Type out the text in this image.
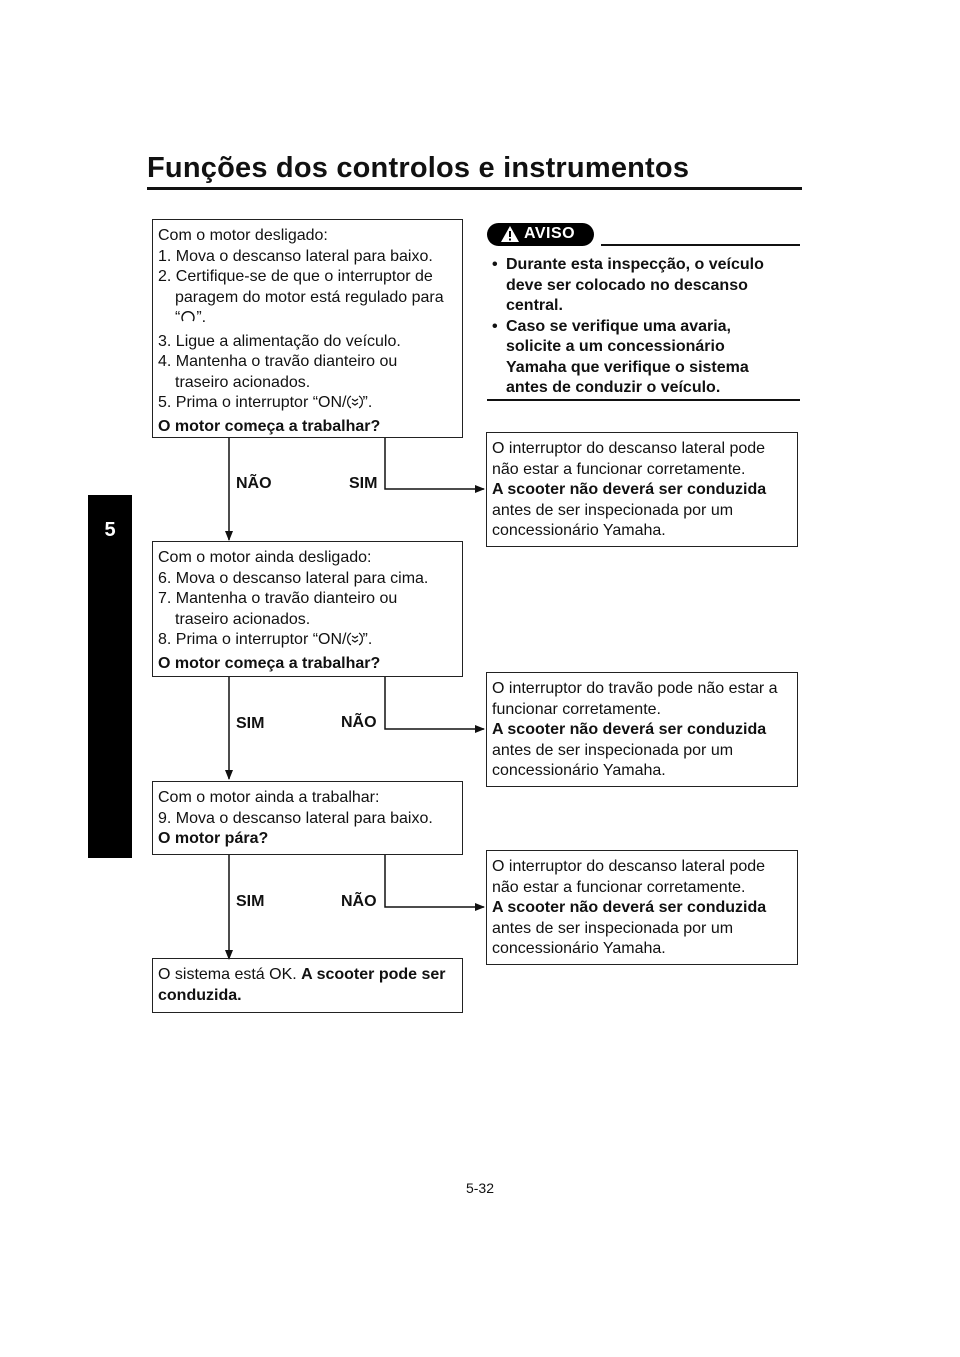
Funções dos controlos e instrumentos
5
Com o motor desligado:
1. Mova o descanso lateral para baixo.
2. Certifique-se de que o interruptor de
paragem do motor está regulado para
“ ”.
3. Ligue a alimentação do veículo.
4. Mantenha o travão dianteiro ou
traseiro acionados.
5. Prima o interruptor “ON/ ”.
O motor começa a trabalhar?
Com o motor ainda desligado:
6. Mova o descanso lateral para cima.
7. Mantenha o travão dianteiro ou
traseiro acionados.
8. Prima o interruptor “ON/ ”.
O motor começa a trabalhar?
Com o motor ainda a trabalhar:
9. Mova o descanso lateral para baixo.
O motor pára?
O sistema está OK. A scooter pode ser
conduzida.
O interruptor do descanso lateral pode
não estar a funcionar corretamente.
A scooter não deverá ser conduzida
antes de ser inspecionada por um
concessionário Yamaha.
O interruptor do travão pode não estar a
funcionar corretamente.
A scooter não deverá ser conduzida
antes de ser inspecionada por um
concessionário Yamaha.
O interruptor do descanso lateral pode
não estar a funcionar corretamente.
A scooter não deverá ser conduzida
antes de ser inspecionada por um
concessionário Yamaha.
NÃO	SIM
SIM	NÃO
SIM	NÃO
AVISO
• Durante esta inspecção, o veículo
deve ser colocado no descanso
central.
• Caso se verifique uma avaria,
solicite a um concessionário
Yamaha que verifique o sistema
antes de conduzir o veículo.
5-32
